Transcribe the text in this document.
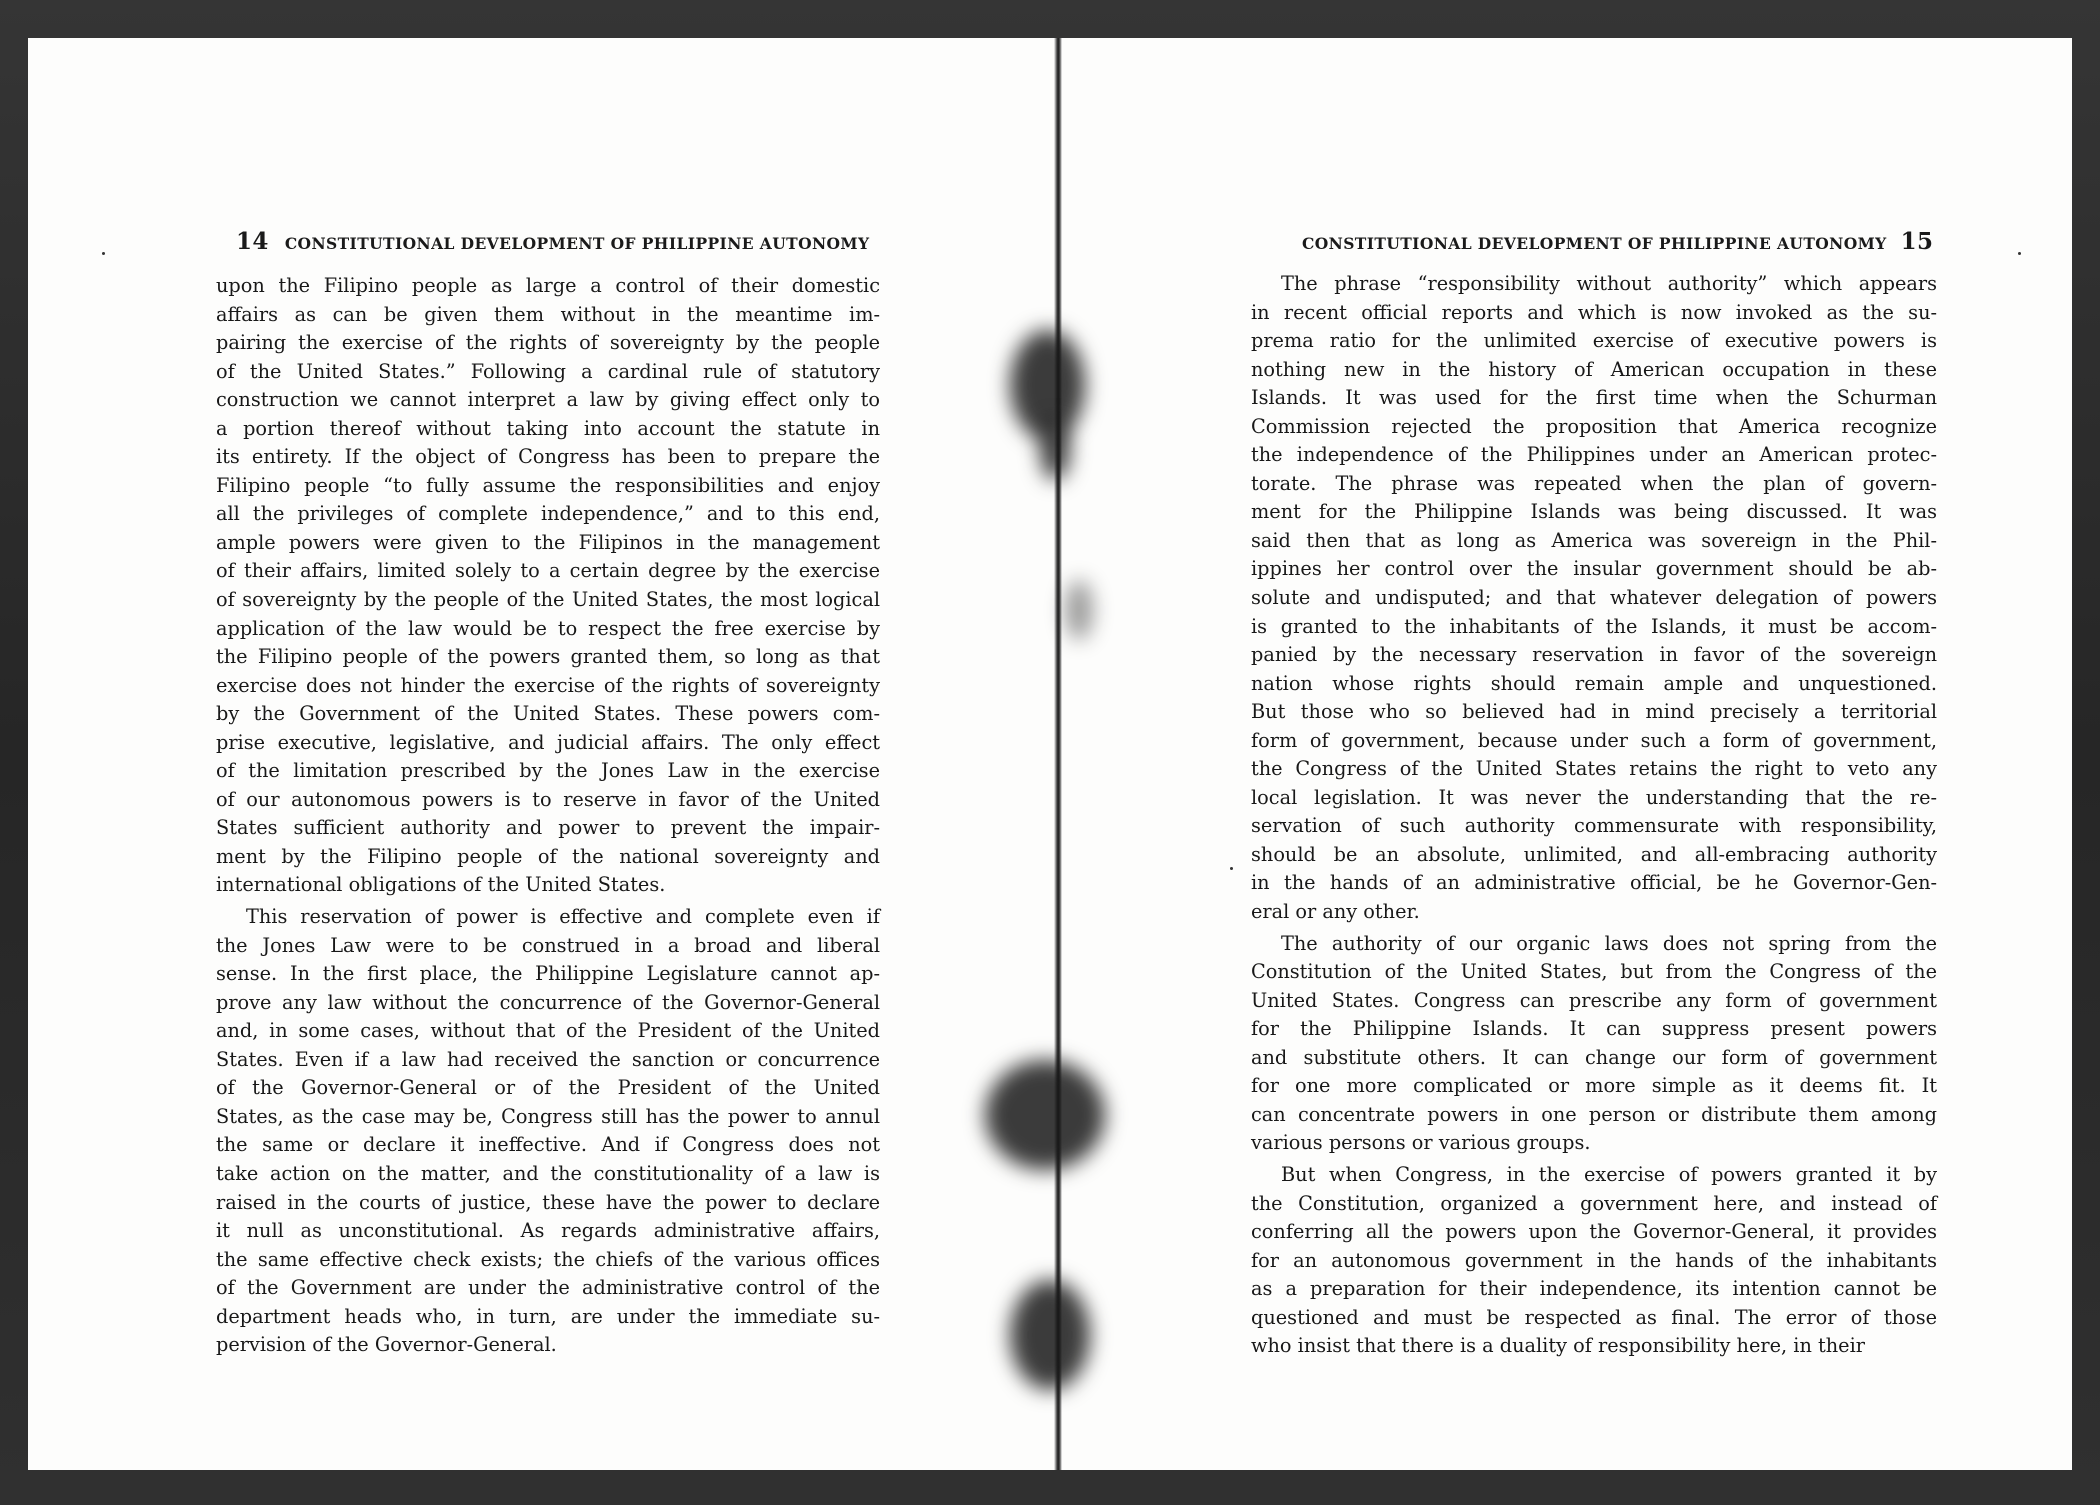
14 CONSTITUTIONAL DEVELOPMENT OF PHILIPPINE AUTONOMY
upon the Filipino people as large a control of their domestic
affairs as can be given them without in the meantime im-
pairing the exercise of the rights of sovereignty by the people
of the United States.” Following a cardinal rule of statutory
construction we cannot interpret a law by giving effect only to
a portion thereof without taking into account the statute in
its entirety. If the object of Congress has been to prepare the
Filipino people “to fully assume the responsibilities and enjoy
all the privileges of complete independence,” and to this end,
ample powers were given to the Filipinos in the management
of their affairs, limited solely to a certain degree by the exercise
of sovereignty by the people of the United States, the most logical
application of the law would be to respect the free exercise by
the Filipino people of the powers granted them, so long as that
exercise does not hinder the exercise of the rights of sovereignty
by the Government of the United States. These powers com-
prise executive, legislative, and judicial affairs. The only effect
of the limitation prescribed by the Jones Law in the exercise
of our autonomous powers is to reserve in favor of the United
States sufficient authority and power to prevent the impair-
ment by the Filipino people of the national sovereignty and
international obligations of the United States.
This reservation of power is effective and complete even if
the Jones Law were to be construed in a broad and liberal
sense. In the first place, the Philippine Legislature cannot ap-
prove any law without the concurrence of the Governor-General
and, in some cases, without that of the President of the United
States. Even if a law had received the sanction or concurrence
of the Governor-General or of the President of the United
States, as the case may be, Congress still has the power to annul
the same or declare it ineffective. And if Congress does not
take action on the matter, and the constitutionality of a law is
raised in the courts of justice, these have the power to declare
it null as unconstitutional. As regards administrative affairs,
the same effective check exists; the chiefs of the various offices
of the Government are under the administrative control of the
department heads who, in turn, are under the immediate su-
pervision of the Governor-General.
CONSTITUTIONAL DEVELOPMENT OF PHILIPPINE AUTONOMY 15
The phrase “responsibility without authority” which appears
in recent official reports and which is now invoked as the su-
prema ratio for the unlimited exercise of executive powers is
nothing new in the history of American occupation in these
Islands. It was used for the first time when the Schurman
Commission rejected the proposition that America recognize
the independence of the Philippines under an American protec-
torate. The phrase was repeated when the plan of govern-
ment for the Philippine Islands was being discussed. It was
said then that as long as America was sovereign in the Phil-
ippines her control over the insular government should be ab-
solute and undisputed; and that whatever delegation of powers
is granted to the inhabitants of the Islands, it must be accom-
panied by the necessary reservation in favor of the sovereign
nation whose rights should remain ample and unquestioned.
But those who so believed had in mind precisely a territorial
form of government, because under such a form of government,
the Congress of the United States retains the right to veto any
local legislation. It was never the understanding that the re-
servation of such authority commensurate with responsibility,
should be an absolute, unlimited, and all-embracing authority
in the hands of an administrative official, be he Governor-Gen-
eral or any other.
The authority of our organic laws does not spring from the
Constitution of the United States, but from the Congress of the
United States. Congress can prescribe any form of government
for the Philippine Islands. It can suppress present powers
and substitute others. It can change our form of government
for one more complicated or more simple as it deems fit. It
can concentrate powers in one person or distribute them among
various persons or various groups.
But when Congress, in the exercise of powers granted it by
the Constitution, organized a government here, and instead of
conferring all the powers upon the Governor-General, it provides
for an autonomous government in the hands of the inhabitants
as a preparation for their independence, its intention cannot be
questioned and must be respected as final. The error of those
who insist that there is a duality of responsibility here, in their
